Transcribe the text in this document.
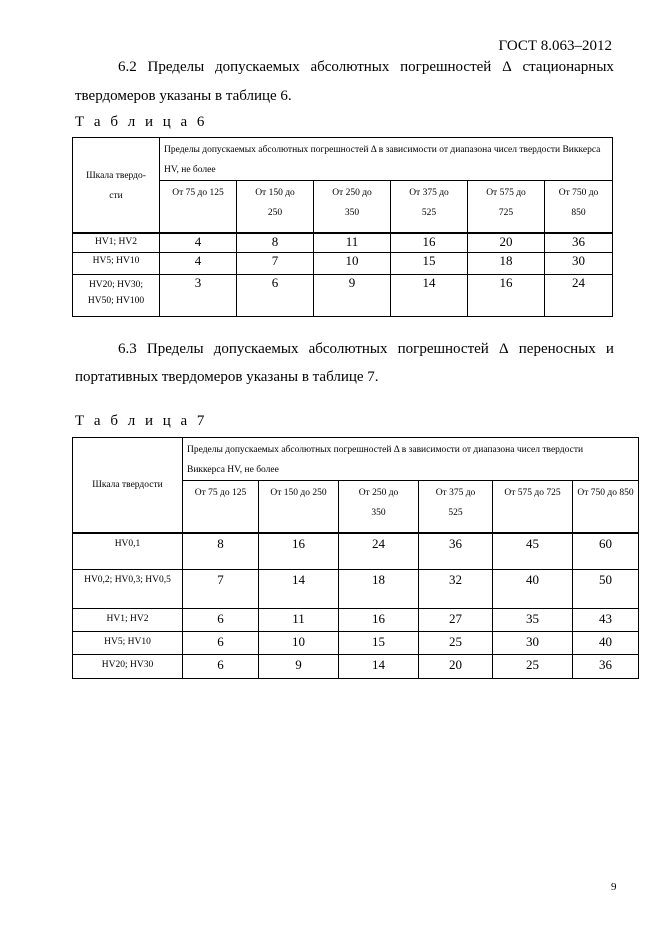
ГОСТ 8.063–2012
6.2 Пределы допускаемых абсолютных погрешностей Δ стационарных
твердомеров указаны в таблице 6.
Т а б л и ц а 6
Шкала твердо-
сти	Пределы допускаемых абсолютных погрешностей Δ в зависимости от диапазона чисел твердости Виккерса HV, не более					
	От 75 до 125	От 150 до 250	От 250 до 350	От 375 до 525	От 575 до 725	От 750 до 850
HV1; HV2	4	8	11	16	20	36
HV5; HV10	4	7	10	15	18	30
HV20; HV30; HV50; HV100	3	6	9	14	16	24
6.3 Пределы допускаемых абсолютных погрешностей Δ переносных и
портативных твердомеров указаны в таблице 7.
Т а б л и ц а 7
Шкала твердости	Пределы допускаемых абсолютных погрешностей Δ в зависимости от диапазона чисел твердости Виккерса HV, не более					
	От 75 до 125	От 150 до 250	От 250 до 350	От 375 до 525	От 575 до 725	От 750 до 850
HV0,1	8	16	24	36	45	60
HV0,2; HV0,3; HV0,5	7	14	18	32	40	50
HV1; HV2	6	11	16	27	35	43
HV5; HV10	6	10	15	25	30	40
HV20; HV30	6	9	14	20	25	36
9
